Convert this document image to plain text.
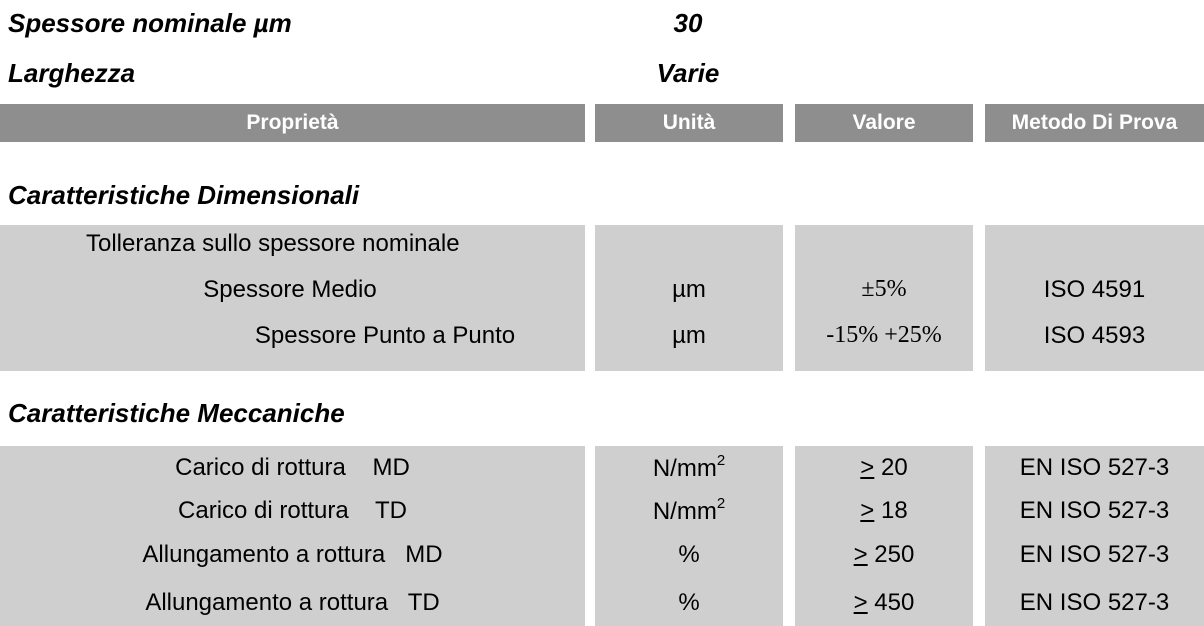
Spessore nominale µm	30
Larghezza	Varie
Proprietà	Unità	Valore	Metodo Di Prova
Caratteristiche Dimensionali
Tolleranza sullo spessore nominale
Spessore Medio	µm	±5%	ISO 4591
Spessore Punto a Punto	µm	-15% +25%	ISO 4593
Caratteristiche Meccaniche
Carico di rottura    MD	$N/mm^2$	≥ 20	EN ISO 527-3
Carico di rottura    TD	$N/mm^2$	≥ 18	EN ISO 527-3
Allungamento a rottura   MD	%	≥ 250	EN ISO 527-3
Allungamento a rottura   TD	%	≥ 450	EN ISO 527-3
